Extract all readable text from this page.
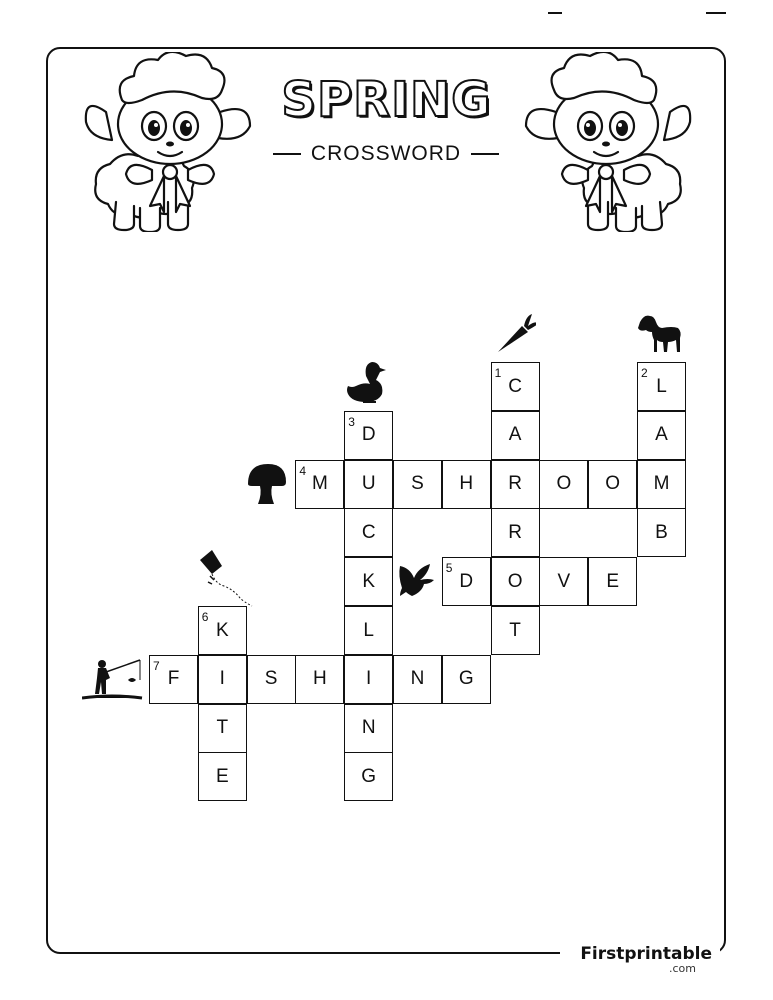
SPRING
CROSSWORD
C
1
A
R
R
O
T
L
2
A
M
B
D
3
U
C
K
L
I
N
G
M
4
S H	O O
D
5
V E
K
6
I
T
E
F
7
S H	N G
Firstprintable
.com
